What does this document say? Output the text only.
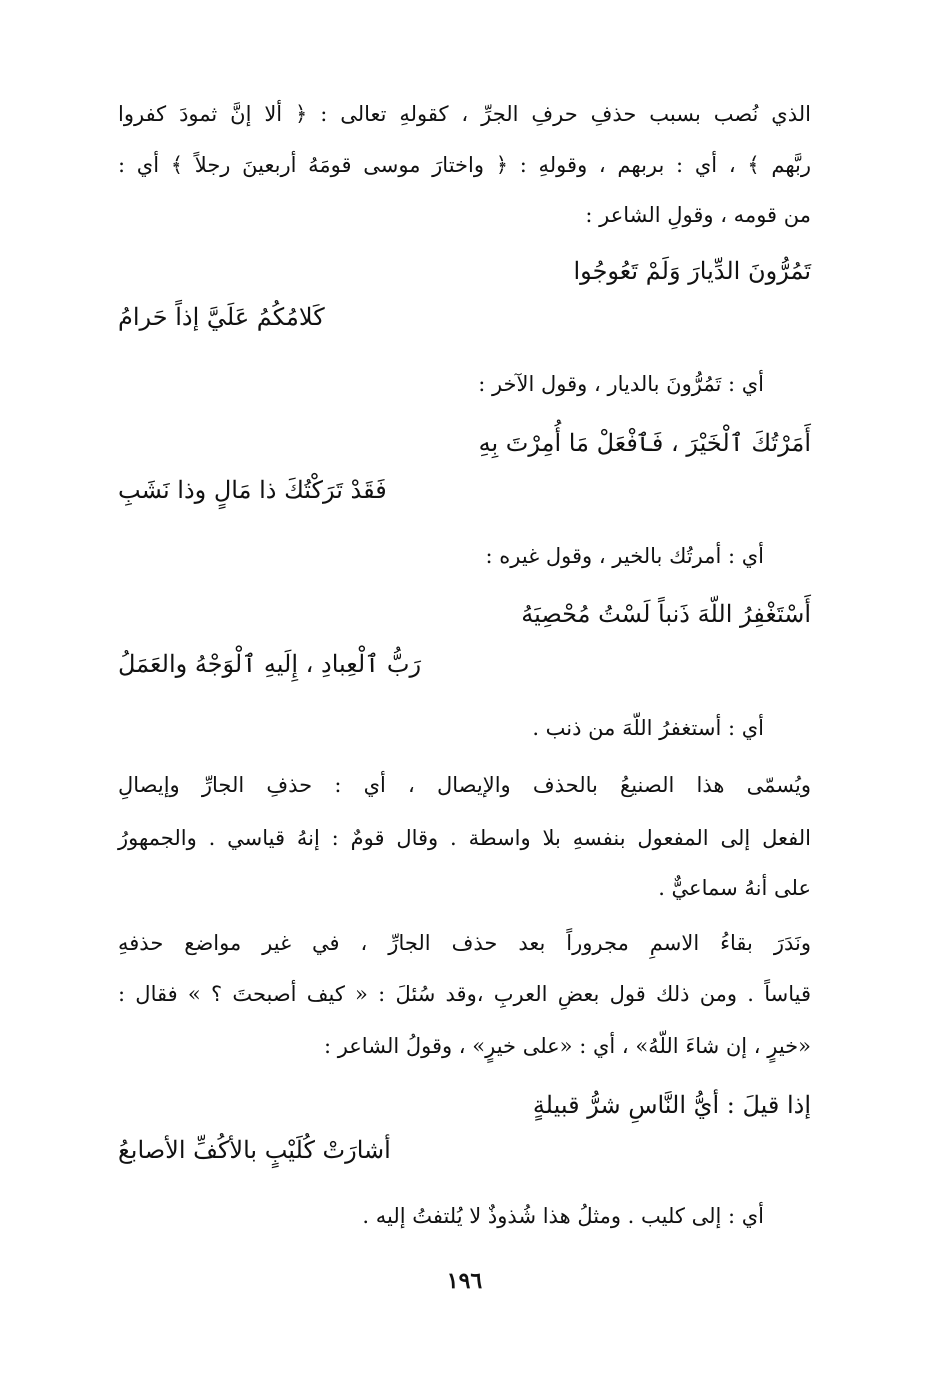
الذي نُصب بسبب حذفِ حرفِ الجرِّ ، كقولهِ تعالى : ﴿ ألا إنَّ ثمودَ كفروا
ربَّهم ﴾ ، أي : بربهم ، وقولهِ : ﴿ واختارَ موسى قومَهُ أربعينَ رجلاً ﴾ أي :
من قومه ، وقولِ الشاعر :
تَمُرُّونَ الدِّيارَ وَلَمْ تَعُوجُوا
كَلامُكُمُ عَلَيَّ إذاً حَرامُ
أي : تَمُرُّونَ بالديار ، وقول الآخر :
أَمَرْتُكَ ٱلْخَيْرَ ، فَٱفْعَلْ مَا أُمِرْتَ بِهِ
فَقَدْ تَرَكْتُكَ ذا مَالٍ وذا نَشَبِ
أي : أمرتُك بالخير ، وقول غيره :
أَسْتَغْفِرُ اللّهَ ذَنباً لَسْتُ مُحْصِيَهُ
رَبُّ ٱلْعِبادِ ، إِلَيهِ ٱلْوَجْهُ والعَمَلُ
أي : أستغفرُ اللّهَ من ذنب .
ويُسمّى هذا الصنيعُ بالحذف والإيصال ، أي : حذفِ الجارِّ وإيصالِ
الفعل إلى المفعول بنفسهِ بلا واسطة . وقال قومٌ : إنهُ قياسي . والجمهورُ
على أنهُ سماعيٌّ .
ونَدَرَ بقاءُ الاسمِ مجروراً بعد حذف الجارِّ ، في غير مواضع حذفهِ
قياساً . ومن ذلك قول بعضِ العربِ ،وقد سُئلَ : « كيف أصبحتَ ؟ » فقال :
«خيرٍ ، إن شاءَ اللّهُ» ، أي : «على خيرٍ» ، وقولُ الشاعر :
إذا قيلَ : أيُّ النَّاسِ شرُّ قبيلةٍ
أشارَتْ كُلَيْبٍ بالأكُفِّ الأصابعُ
أي : إلى كليب . ومثلُ هذا شُذوذٌ لا يُلتفتُ إليه .
١٩٦
